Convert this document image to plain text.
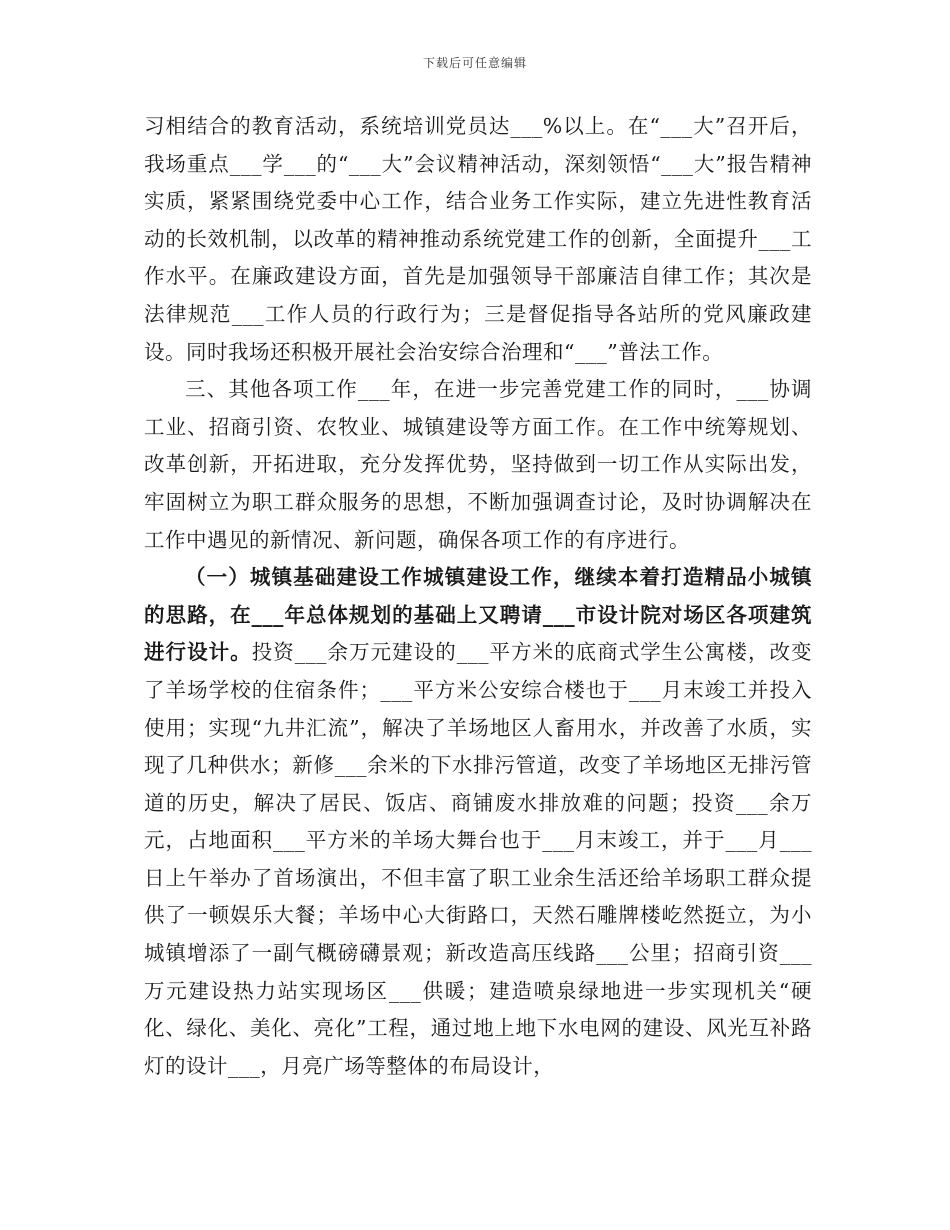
下载后可任意编辑

习相结合的教育活动，系统培训党员达___%以上。在“___大”召开后，我场重点___学___的“___大”会议精神活动，深刻领悟“___大”报告精神实质，紧紧围绕党委中心工作，结合业务工作实际，建立先进性教育活动的长效机制，以改革的精神推动系统党建工作的创新，全面提升___工作水平。在廉政建设方面，首先是加强领导干部廉洁自律工作；其次是法律规范___工作人员的行政行为；三是督促指导各站所的党风廉政建设。同时我场还积极开展社会治安综合治理和“___”普法工作。

三、其他各项工作___年，在进一步完善党建工作的同时，___协调工业、招商引资、农牧业、城镇建设等方面工作。在工作中统筹规划、改革创新，开拓进取，充分发挥优势，坚持做到一切工作从实际出发，牢固树立为职工群众服务的思想，不断加强调查讨论，及时协调解决在工作中遇见的新情况、新问题，确保各项工作的有序进行。

（一）城镇基础建设工作城镇建设工作，继续本着打造精品小城镇的思路，在___年总体规划的基础上又聘请___市设计院对场区各项建筑进行设计。投资___余万元建设的___平方米的底商式学生公寓楼，改变了羊场学校的住宿条件；___平方米公安综合楼也于___月末竣工并投入使用；实现“九井汇流”，解决了羊场地区人畜用水，并改善了水质，实现了几种供水；新修___余米的下水排污管道，改变了羊场地区无排污管道的历史，解决了居民、饭店、商铺废水排放难的问题；投资___余万元，占地面积___平方米的羊场大舞台也于___月末竣工，并于___月___日上午举办了首场演出，不但丰富了职工业余生活还给羊场职工群众提供了一顿娱乐大餐；羊场中心大街路口，天然石雕牌楼屹然挺立，为小城镇增添了一副气概磅礴景观；新改造高压线路___公里；招商引资___万元建设热力站实现场区___供暖；建造喷泉绿地进一步实现机关“硬化、绿化、美化、亮化”工程，通过地上地下水电网的建设、风光互补路灯的设计___，月亮广场等整体的布局设计，
